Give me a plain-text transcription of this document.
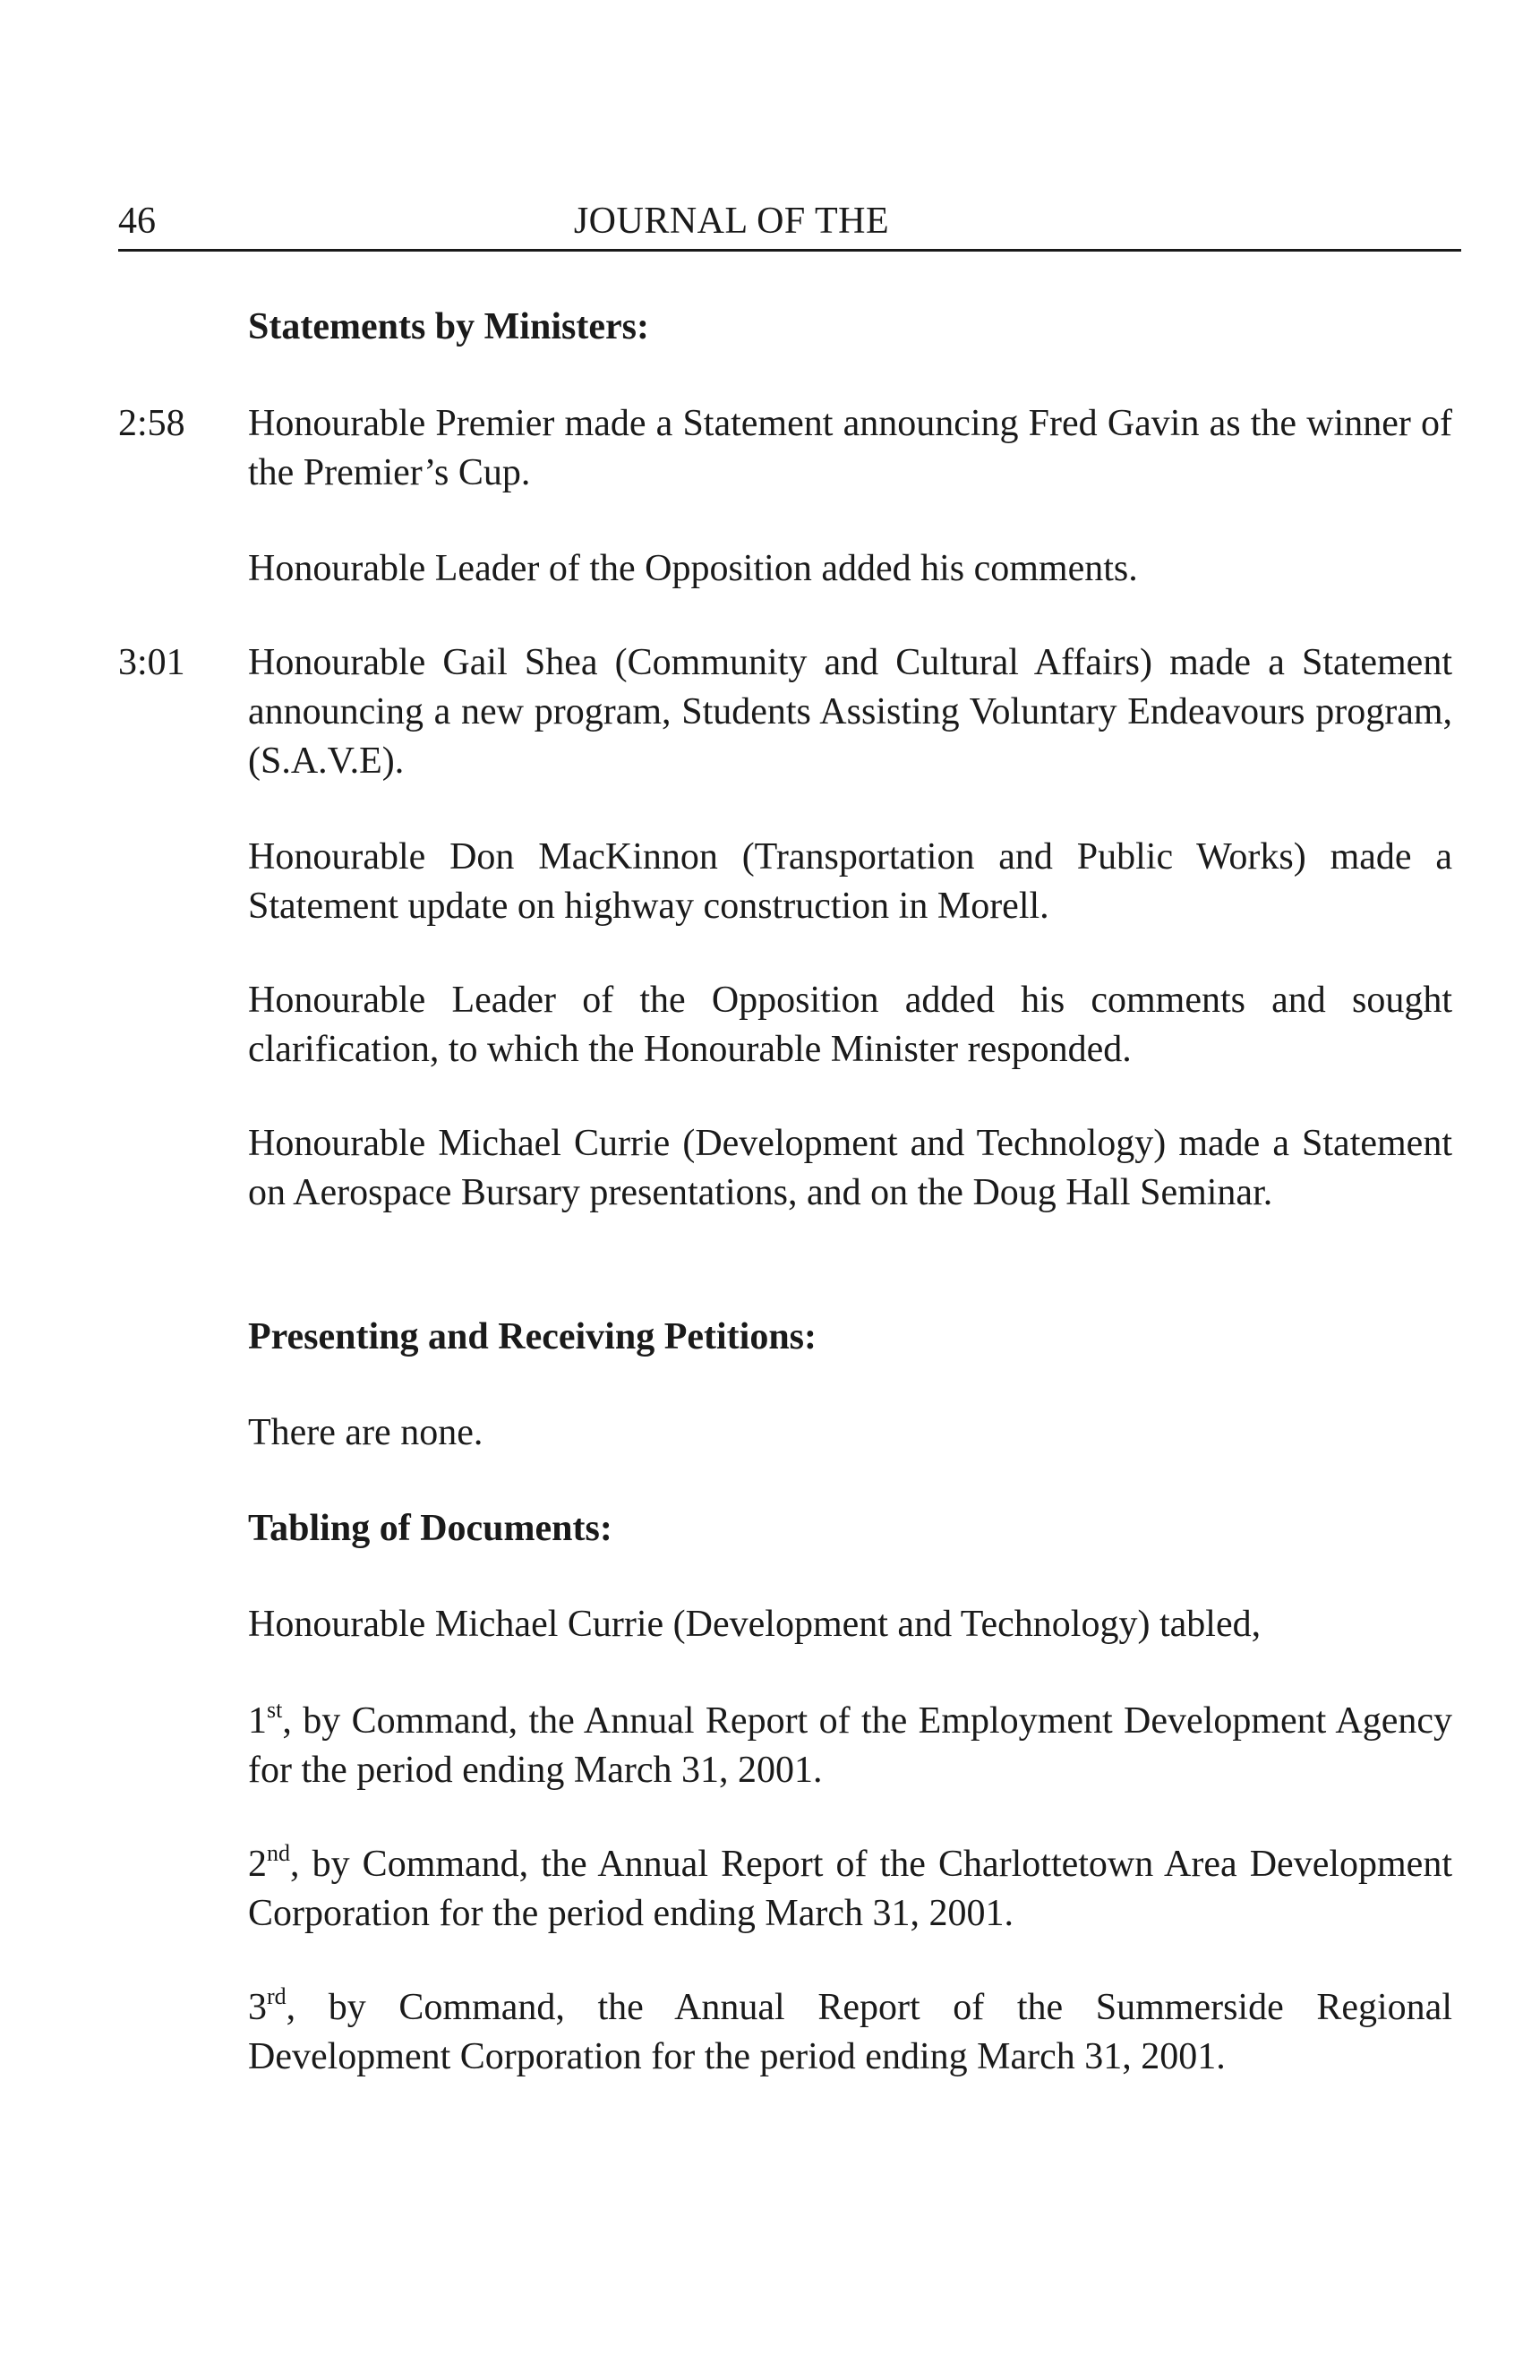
46	JOURNAL OF THE
Statements by Ministers:
2:58 Honourable Premier made a Statement announcing Fred Gavin as the winner of the Premier’s Cup.
Honourable Leader of the Opposition added his comments.
3:01 Honourable Gail Shea (Community and Cultural Affairs) made a Statement announcing a new program, Students Assisting Voluntary Endeavours program, (S.A.V.E).
Honourable Don MacKinnon (Transportation and Public Works) made a Statement update on highway construction in Morell.
Honourable Leader of the Opposition added his comments and sought clarification, to which the Honourable Minister responded.
Honourable Michael Currie (Development and Technology) made a Statement on Aerospace Bursary presentations, and on the Doug Hall Seminar.
Presenting and Receiving Petitions:
There are none.
Tabling of Documents:
Honourable Michael Currie (Development and Technology) tabled,
1st, by Command, the Annual Report of the Employment Development Agency for the period ending March 31, 2001.
2nd, by Command, the Annual Report of the Charlottetown Area Development Corporation for the period ending March 31, 2001.
3rd, by Command, the Annual Report of the Summerside Regional Development Corporation for the period ending March 31, 2001.
